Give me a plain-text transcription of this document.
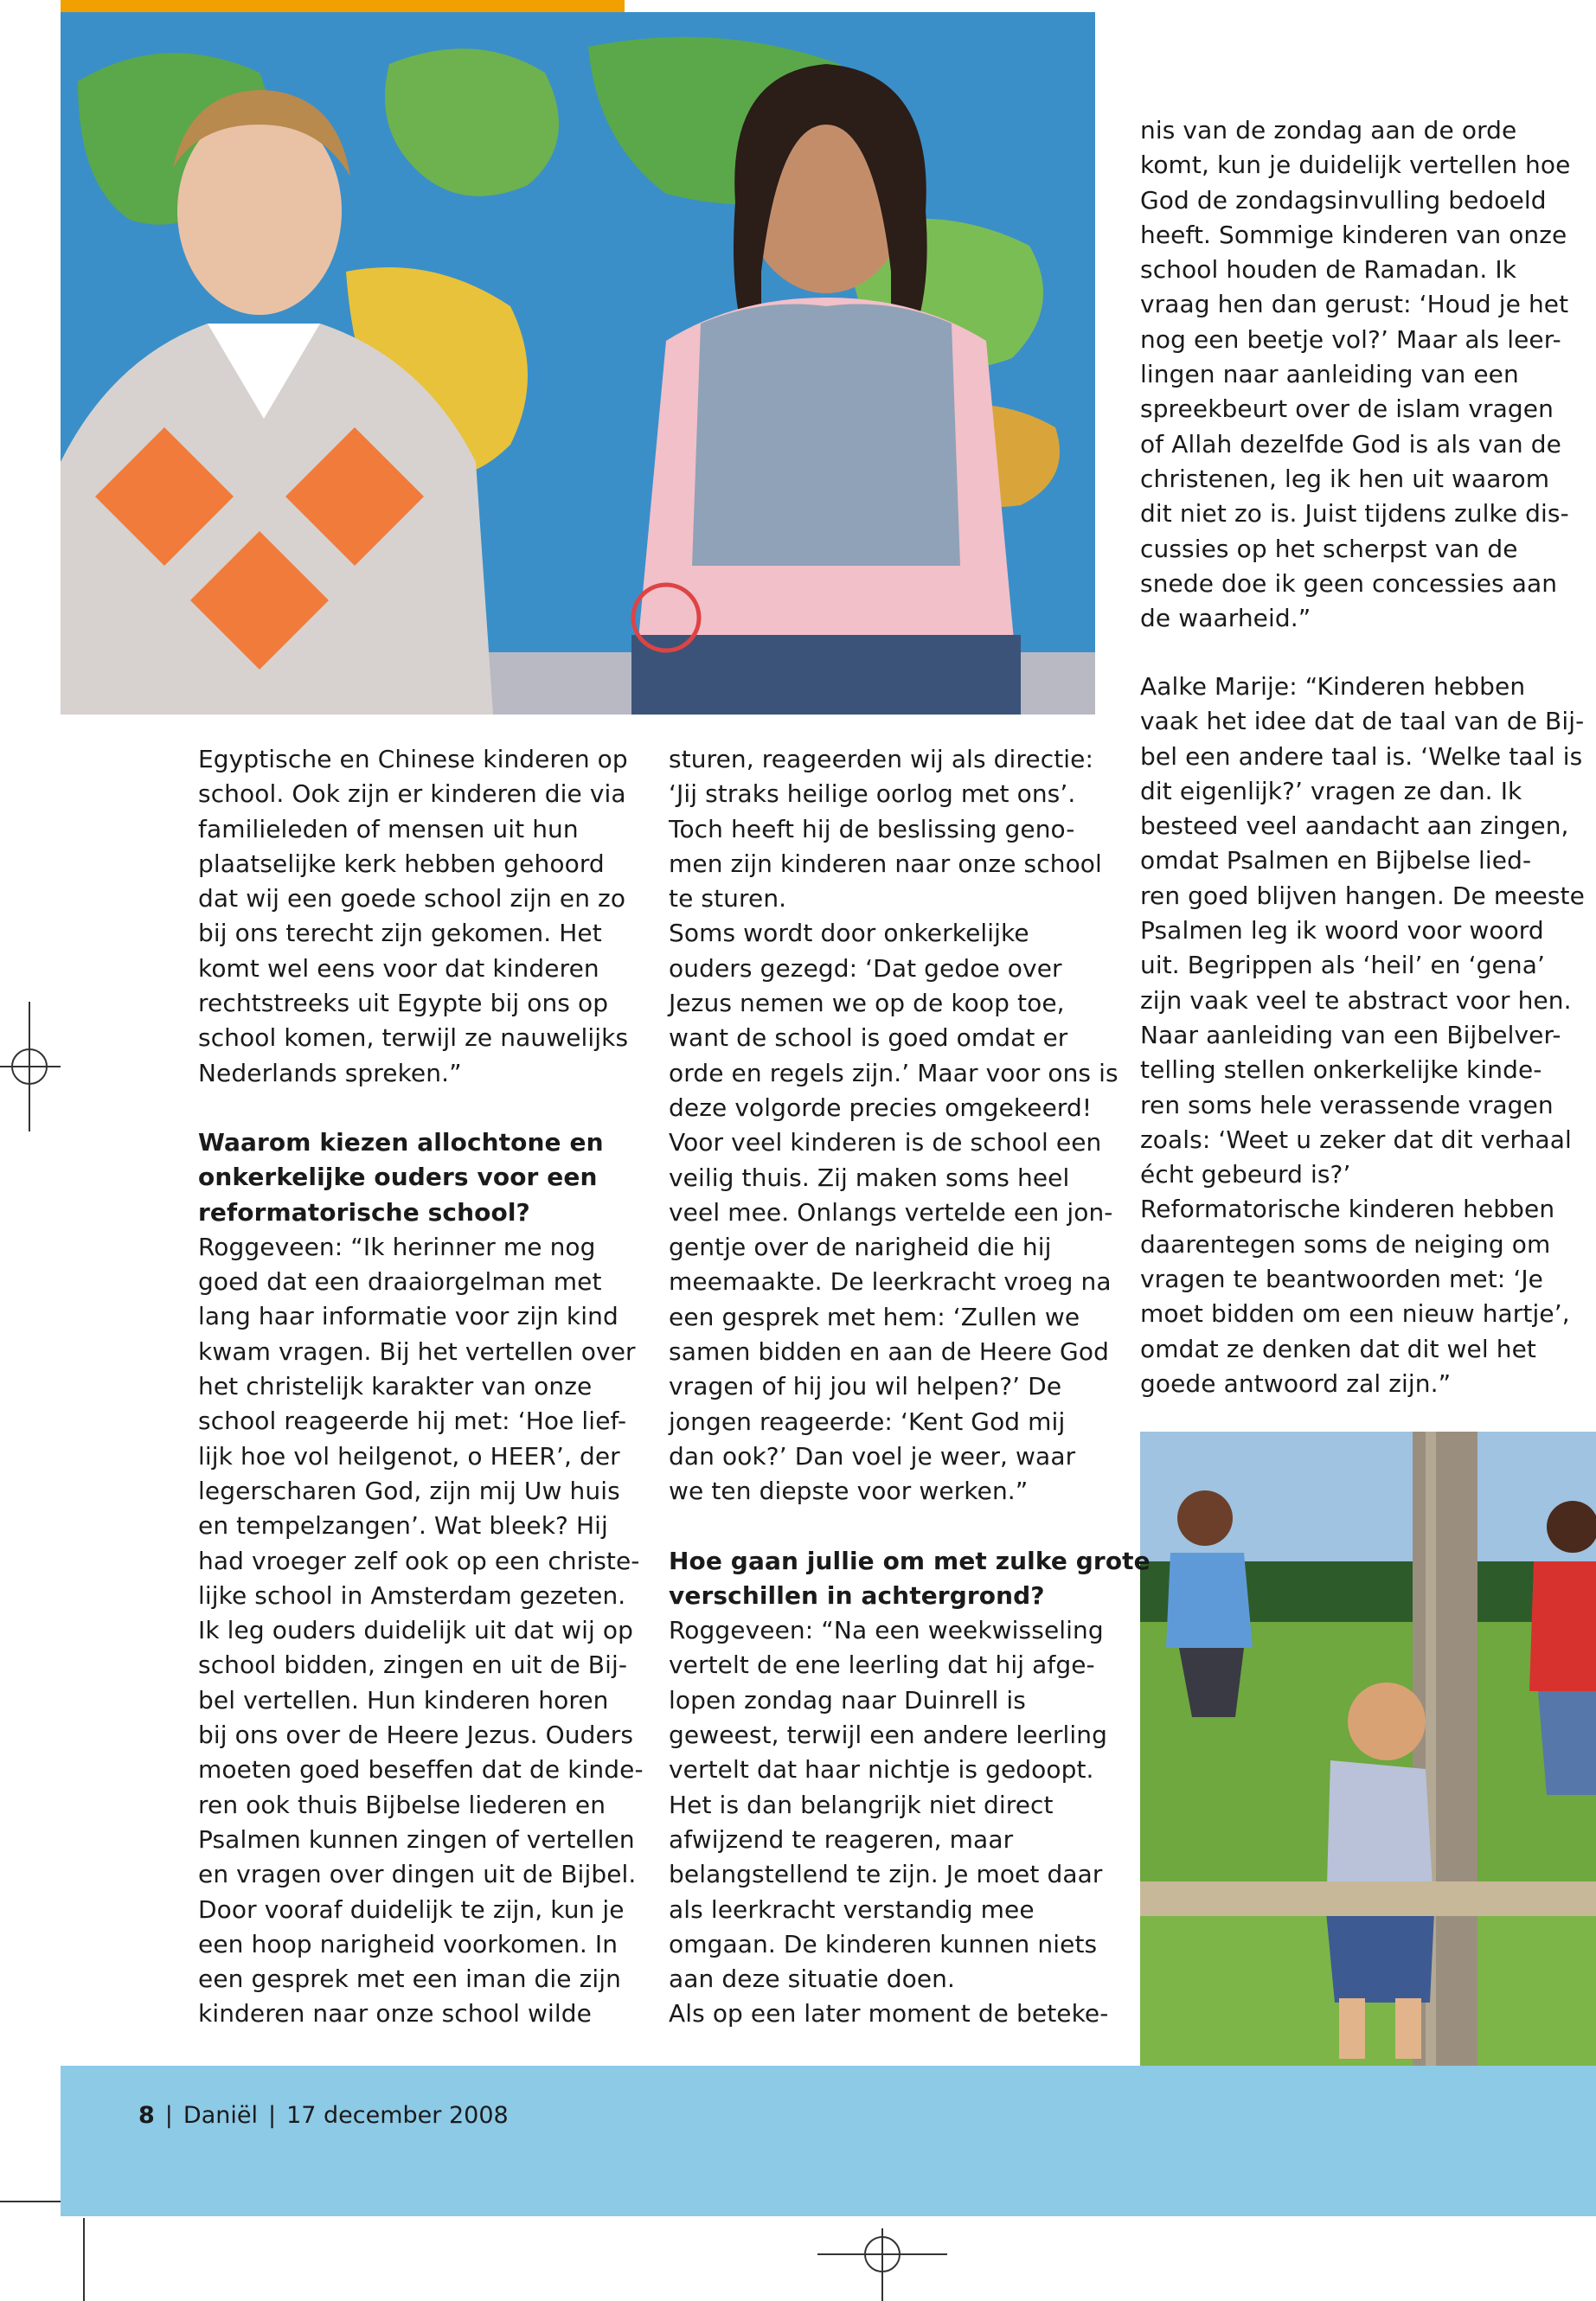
Egyptische en Chinese kinderen op

school. Ook zijn er kinderen die via

familieleden of mensen uit hun

plaatselijke kerk hebben gehoord

dat wij een goede school zijn en zo

bij ons terecht zijn gekomen. Het

komt wel eens voor dat kinderen

rechtstreeks uit Egypte bij ons op

school komen, terwijl ze nauwelijks

Nederlands spreken.”

Waarom kiezen allochtone en

onkerkelijke ouders voor een

reformatorische school?

Roggeveen: “Ik herinner me nog

goed dat een draaiorgelman met

lang haar informatie voor zijn kind

kwam vragen. Bij het vertellen over

het christelijk karakter van onze

school reageerde hij met: ‘Hoe lief-

lijk hoe vol heilgenot, o HEER’, der

legerscharen God, zijn mij Uw huis

en tempelzangen’. Wat bleek? Hij

had vroeger zelf ook op een christe-

lijke school in Amsterdam gezeten.

Ik leg ouders duidelijk uit dat wij op

school bidden, zingen en uit de Bij-

bel vertellen. Hun kinderen horen

bij ons over de Heere Jezus. Ouders

moeten goed beseffen dat de kinde-

ren ook thuis Bijbelse liederen en

Psalmen kunnen zingen of vertellen

en vragen over dingen uit de Bijbel.

Door vooraf duidelijk te zijn, kun je

een hoop narigheid voorkomen. In

een gesprek met een iman die zijn

kinderen naar onze school wilde

sturen, reageerden wij als directie:

‘Jij straks heilige oorlog met ons’.

Toch heeft hij de beslissing geno-

men zijn kinderen naar onze school

te sturen.

Soms wordt door onkerkelijke

ouders gezegd: ‘Dat gedoe over

Jezus nemen we op de koop toe,

want de school is goed omdat er

orde en regels zijn.’ Maar voor ons is

deze volgorde precies omgekeerd!

Voor veel kinderen is de school een

veilig thuis. Zij maken soms heel

veel mee. Onlangs vertelde een jon-

gentje over de narigheid die hij

meemaakte. De leerkracht vroeg na

een gesprek met hem: ‘Zullen we

samen bidden en aan de Heere God

vragen of hij jou wil helpen?’ De

jongen reageerde: ‘Kent God mij

dan ook?’ Dan voel je weer, waar

we ten diepste voor werken.”

Hoe gaan jullie om met zulke grote

verschillen in achtergrond?

Roggeveen: “Na een weekwisseling

vertelt de ene leerling dat hij afge-

lopen zondag naar Duinrell is

geweest, terwijl een andere leerling

vertelt dat haar nichtje is gedoopt.

Het is dan belangrijk niet direct

afwijzend te reageren, maar

belangstellend te zijn. Je moet daar

als leerkracht verstandig mee

omgaan. De kinderen kunnen niets

aan deze situatie doen.

Als op een later moment de beteke-

nis van de zondag aan de orde

komt, kun je duidelijk vertellen hoe

God de zondagsinvulling bedoeld

heeft. Sommige kinderen van onze

school houden de Ramadan. Ik

vraag hen dan gerust: ‘Houd je het

nog een beetje vol?’ Maar als leer-

lingen naar aanleiding van een

spreekbeurt over de islam vragen

of Allah dezelfde God is als van de

christenen, leg ik hen uit waarom

dit niet zo is. Juist tijdens zulke dis-

cussies op het scherpst van de

snede doe ik geen concessies aan

de waarheid.”

Aalke Marije: “Kinderen hebben

vaak het idee dat de taal van de Bij-

bel een andere taal is. ‘Welke taal is

dit eigenlijk?’ vragen ze dan. Ik

besteed veel aandacht aan zingen,

omdat Psalmen en Bijbelse lied-

ren goed blijven hangen. De meeste

Psalmen leg ik woord voor woord

uit. Begrippen als ‘heil’ en ‘gena’

zijn vaak veel te abstract voor hen.

Naar aanleiding van een Bijbelver-

telling stellen onkerkelijke kinde-

ren soms hele verassende vragen

zoals: ‘Weet u zeker dat dit verhaal

écht gebeurd is?’

Reformatorische kinderen hebben

daarentegen soms de neiging om

vragen te beantwoorden met: ‘Je

moet bidden om een nieuw hartje’,

omdat ze denken dat dit wel het

goede antwoord zal zijn.”

8 | Daniël | 17 december 2008
